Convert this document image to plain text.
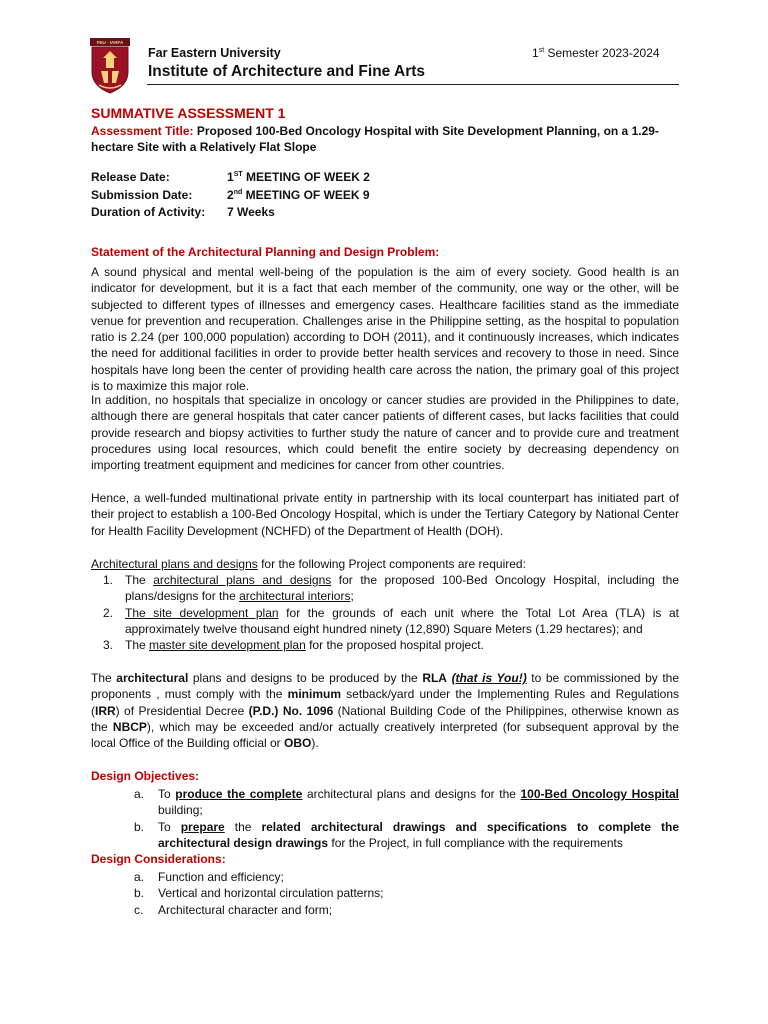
FEU · IARFA
Far Eastern University
Institute of Architecture and Fine Arts
1st Semester 2023-2024
SUMMATIVE ASSESSMENT 1
Assessment Title: Proposed 100-Bed Oncology Hospital with Site Development Planning, on a 1.29-hectare Site with a Relatively Flat Slope
Release Date:	1ST MEETING OF WEEK 2
Submission Date:	2nd MEETING OF WEEK 9
Duration of Activity: 7 Weeks
Statement of the Architectural Planning and Design Problem:
A sound physical and mental well-being of the population is the aim of every society. Good health is an indicator for development, but it is a fact that each member of the community, one way or the other, will be subjected to different types of illnesses and emergency cases. Healthcare facilities stand as the immediate venue for prevention and recuperation. Challenges arise in the Philippine setting, as the hospital to population ratio is 2.24 (per 100,000 population) according to DOH (2011), and it continuously increases, which indicates the need for additional facilities in order to provide better health services and recovery to those in need. Since hospitals have long been the center of providing health care across the nation, the primary goal of this project is to maximize this major role.
In addition, no hospitals that specialize in oncology or cancer studies are provided in the Philippines to date, although there are general hospitals that cater cancer patients of different cases, but lacks facilities that could provide research and biopsy activities to further study the nature of cancer and to provide cure and treatment procedures using local resources, which could benefit the entire society by decreasing dependency on importing treatment equipment and medicines for cancer from other countries.
Hence, a well-funded multinational private entity in partnership with its local counterpart has initiated part of their project to establish a 100-Bed Oncology Hospital, which is under the Tertiary Category by National Center for Health Facility Development (NCHFD) of the Department of Health (DOH).
Architectural plans and designs for the following Project components are required:
1. The architectural plans and designs for the proposed 100-Bed Oncology Hospital, including the plans/designs for the architectural interiors;
2. The site development plan for the grounds of each unit where the Total Lot Area (TLA) is at approximately twelve thousand eight hundred ninety (12,890) Square Meters (1.29 hectares); and
3. The master site development plan for the proposed hospital project.
The architectural plans and designs to be produced by the RLA (that is You!) to be commissioned by the proponents , must comply with the minimum setback/yard under the Implementing Rules and Regulations (IRR) of Presidential Decree (P.D.) No. 1096 (National Building Code of the Philippines, otherwise known as the NBCP), which may be exceeded and/or actually creatively interpreted (for subsequent approval by the local Office of the Building official or OBO).
Design Objectives:
a. To produce the complete architectural plans and designs for the 100-Bed Oncology Hospital building;
b. To prepare the related architectural drawings and specifications to complete the architectural design drawings for the Project, in full compliance with the requirements
Design Considerations:
a. Function and efficiency;
b. Vertical and horizontal circulation patterns;
c. Architectural character and form;
